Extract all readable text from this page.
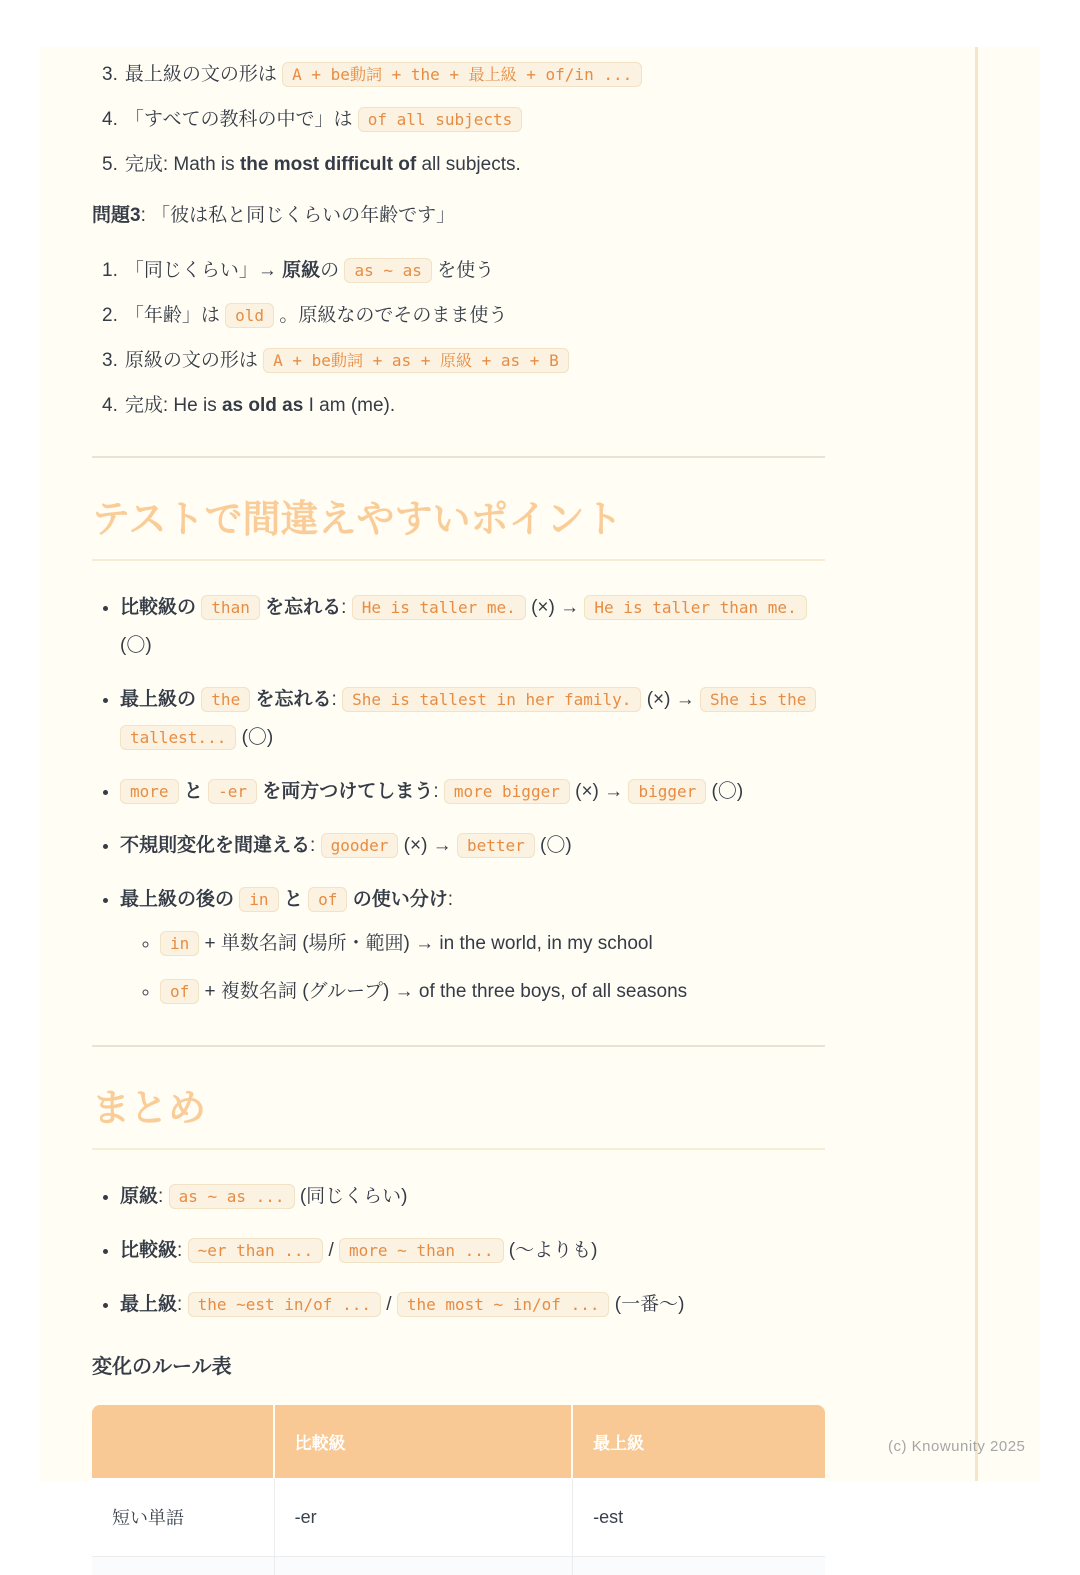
3. 最上級の文の形は A + be動詞 + the + 最上級 + of/in ...
4. 「すべての教科の中で」は of all subjects
5. 完成: Math is the most difficult of all subjects.

問題3: 「彼は私と同じくらいの年齢です」

1. 「同じくらい」→ 原級の as ~ as を使う
2. 「年齢」は old 。原級なのでそのまま使う
3. 原級の文の形は A + be動詞 + as + 原級 + as + B
4. 完成: He is as old as I am (me).
テストで間違えやすいポイント
• 比較級の than を忘れる: He is taller me. (×) → He is taller than me. (〇)
• 最上級の the を忘れる: She is tallest in her family. (×) → She is the tallest... (〇)
• more と -er を両方つけてしまう: more bigger (×) → bigger (〇)
• 不規則変化を間違える: gooder (×) → better (〇)
• 最上級の後の in と of の使い分け:
◦ in + 単数名詞 (場所・範囲) → in the world, in my school
◦ of + 複数名詞 (グループ) → of the three boys, of all seasons
まとめ
• 原級: as ~ as ... (同じくらい)
• 比較級: ~er than ... / more ~ than ... (〜よりも)
• 最上級: the ~est in/of ... / the most ~ in/of ... (一番〜)
変化のルール表
	比較級	最上級
短い単語	-er	-est

(c) Knowunity 2025
